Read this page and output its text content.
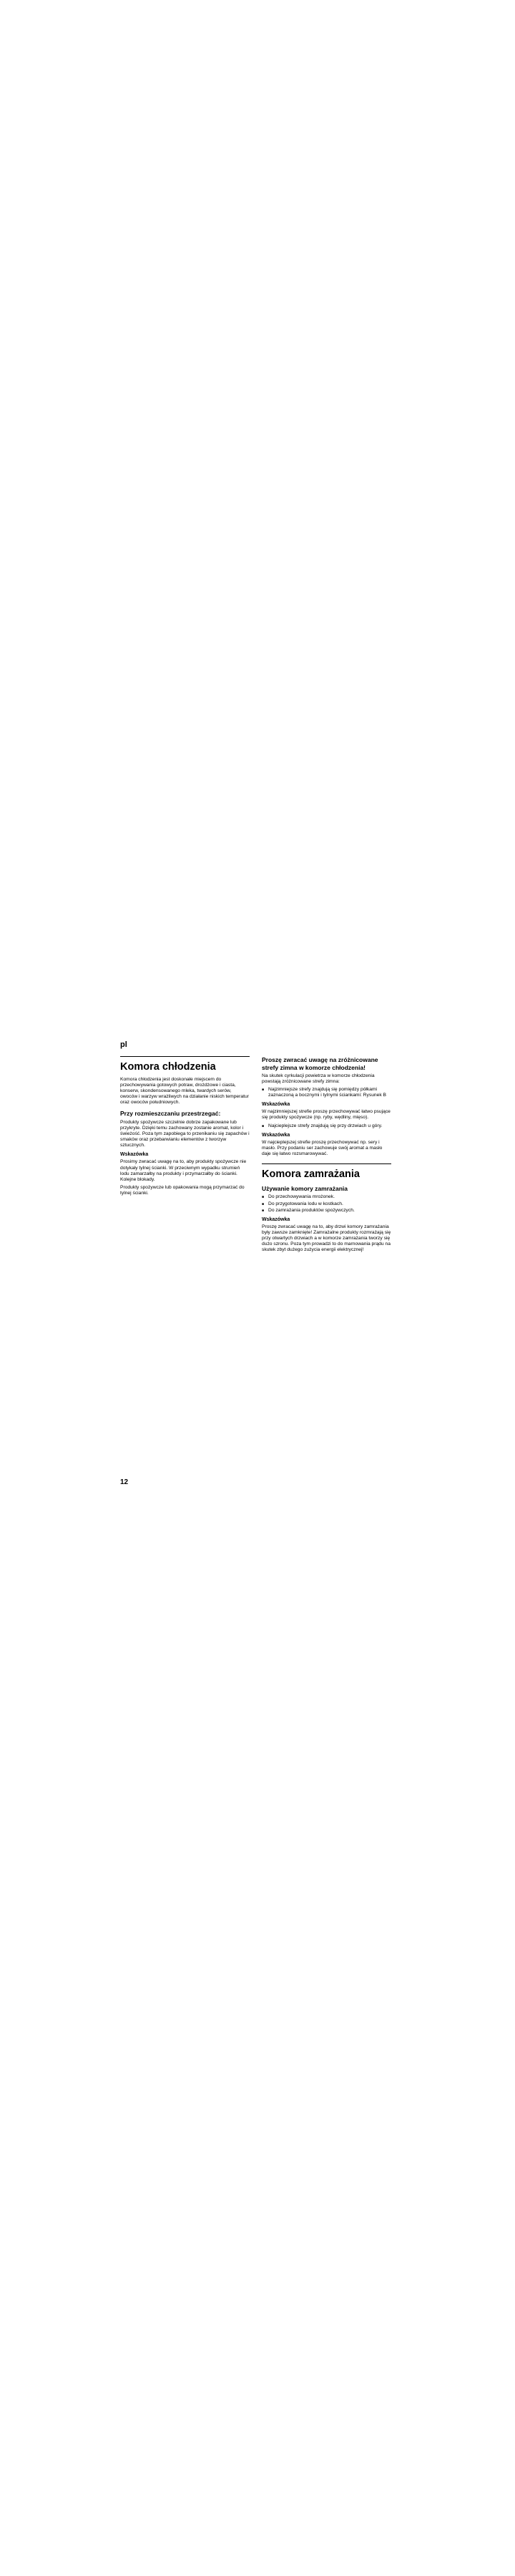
pl
Komora chłodzenia
Komora chłodzenia jest doskonałe miejscem do przechowywania gotowych potraw, drożdżowe i ciasta, konserw, skondensowanego mleka, twardych serów, owoców i warzyw wrażliwych na działanie niskich temperatur oraz owoców południowych.
Przy rozmieszczaniu przestrzegać:
Produkty spożywcze szczelnie dobrze zapakowane lub przykryte. Dzięki temu zachowany zostanie aromat, kolor i świeżość. Poza tym zapobiega to przenikaniu się zapachów i smaków oraz przebarwianiu elementów z tworzyw sztucznych.
Wskazówka
Prosimy zwracać uwagę na to, aby produkty spożywcze nie dotykały tylnej ścianki. W przeciwnym wypadku strumień lodu zamarzałby na produkty i przymarzałby do ścianki. Kolejne blokady.
Produkty spożywcze lub opakowania mogą przymarzać do tylnej ścianki.
Proszę zwracać uwagę na zróżnicowane strefy zimna w komorze chłodzenia!
Na skutek cyrkulacji powietrza w komorze chłodzenia powstają zróżnicowane strefy zimna:
■ Najzimniejsze strefy znajdują się pomiędzy półkami zaznaczoną a bocznymi i tylnymi ściankami: Rysunek B
Wskazówka
W najzimniejszej strefie proszę przechowywać łatwo psujące się produkty spożywcze (np. ryby, wędliny, mięso).
■ Najcieplejsze strefy znajdują się przy drzwiach u góry.
Wskazówka
W najcieplejszej strefie proszę przechowywać np. sery i masło. Przy podaniu ser zachowuje swój aromat a masło daje się łatwo rozsmarowywać.
Komora zamrażania
Używanie komory zamrażania
■ Do przechowywania mrożonek.
■ Do przygotowania lodu w kostkach.
■ Do zamrażania produktów spożywczych.
Wskazówka
Proszę zwracać uwagę na to, aby drzwi komory zamrażania były zawsze zamknięte! Zamrażalne produkty rozmrażają się przy otwartych drzwiach a w komorze zamrażania tworzy się dużo szronu. Poza tym prowadzi to do marnowania prądu na skutek zbyt dużego zużycia energii elektrycznej!
12
